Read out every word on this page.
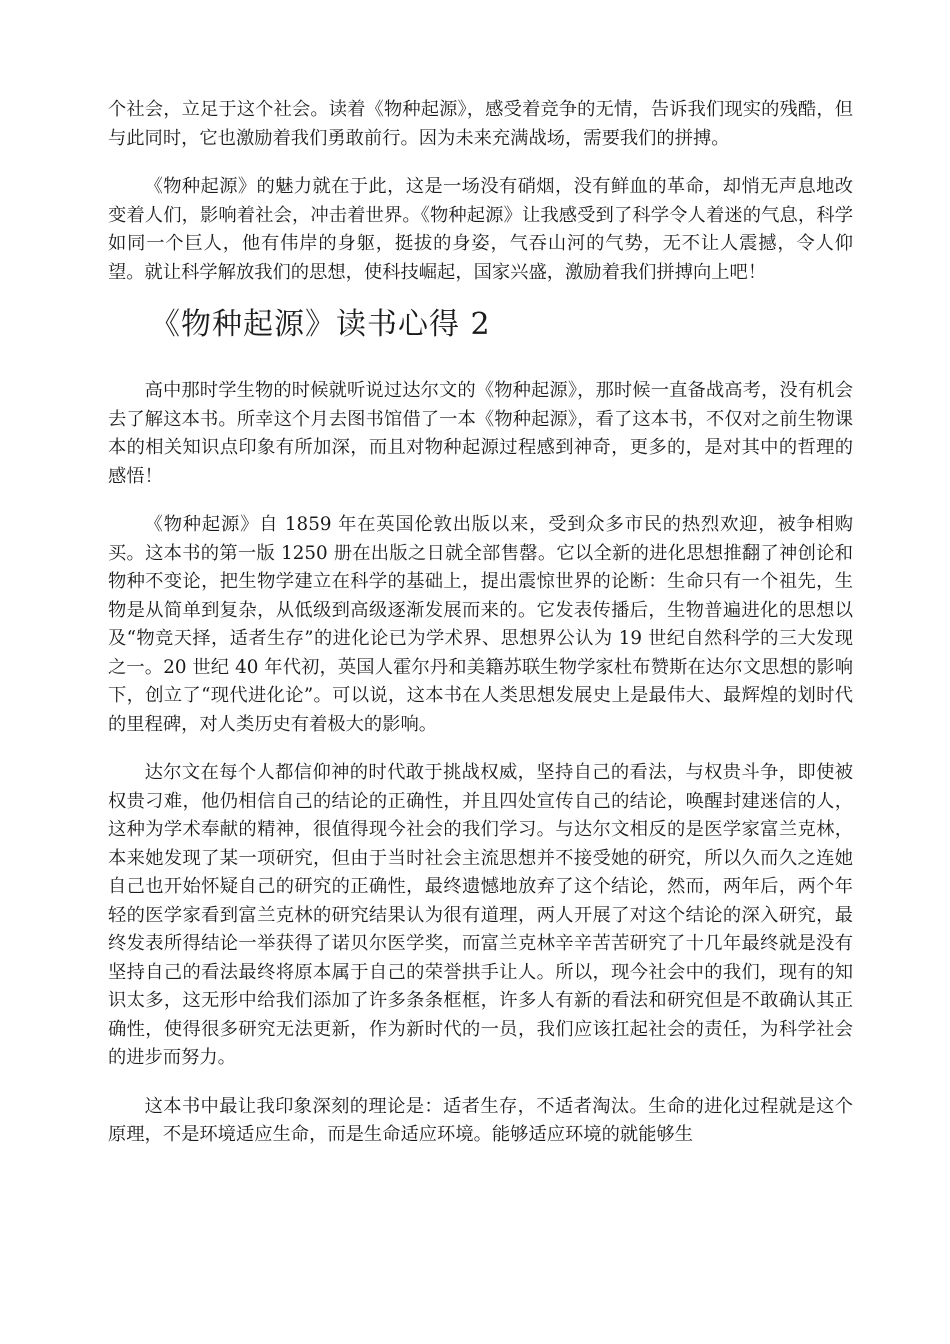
个社会，立足于这个社会。读着《物种起源》，感受着竞争的无情，告诉我们现实的残酷，但与此同时，它也激励着我们勇敢前行。因为未来充满战场，需要我们的拼搏。

《物种起源》的魅力就在于此，这是一场没有硝烟，没有鲜血的革命，却悄无声息地改变着人们，影响着社会，冲击着世界。《物种起源》让我感受到了科学令人着迷的气息，科学如同一个巨人，他有伟岸的身躯，挺拔的身姿，气吞山河的气势，无不让人震撼，令人仰望。就让科学解放我们的思想，使科技崛起，国家兴盛，激励着我们拼搏向上吧！

《物种起源》读书心得 2

高中那时学生物的时候就听说过达尔文的《物种起源》，那时候一直备战高考，没有机会去了解这本书。所幸这个月去图书馆借了一本《物种起源》，看了这本书，不仅对之前生物课本的相关知识点印象有所加深，而且对物种起源过程感到神奇，更多的，是对其中的哲理的感悟！

《物种起源》自 1859 年在英国伦敦出版以来，受到众多市民的热烈欢迎，被争相购买。这本书的第一版 1250 册在出版之日就全部售罄。它以全新的进化思想推翻了神创论和物种不变论，把生物学建立在科学的基础上，提出震惊世界的论断：生命只有一个祖先，生物是从简单到复杂，从低级到高级逐渐发展而来的。它发表传播后，生物普遍进化的思想以及“物竞天择，适者生存”的进化论已为学术界、思想界公认为 19 世纪自然科学的三大发现之一。20 世纪 40 年代初，英国人霍尔丹和美籍苏联生物学家杜布赞斯在达尔文思想的影响下，创立了“现代进化论”。可以说，这本书在人类思想发展史上是最伟大、最辉煌的划时代的里程碑，对人类历史有着极大的影响。

达尔文在每个人都信仰神的时代敢于挑战权威，坚持自己的看法，与权贵斗争，即使被权贵刁难，他仍相信自己的结论的正确性，并且四处宣传自己的结论，唤醒封建迷信的人，这种为学术奉献的精神，很值得现今社会的我们学习。与达尔文相反的是医学家富兰克林，本来她发现了某一项研究，但由于当时社会主流思想并不接受她的研究，所以久而久之连她自己也开始怀疑自己的研究的正确性，最终遗憾地放弃了这个结论，然而，两年后，两个年轻的医学家看到富兰克林的研究结果认为很有道理，两人开展了对这个结论的深入研究，最终发表所得结论一举获得了诺贝尔医学奖，而富兰克林辛辛苦苦研究了十几年最终就是没有坚持自己的看法最终将原本属于自己的荣誉拱手让人。所以，现今社会中的我们，现有的知识太多，这无形中给我们添加了许多条条框框，许多人有新的看法和研究但是不敢确认其正确性，使得很多研究无法更新，作为新时代的一员，我们应该扛起社会的责任，为科学社会的进步而努力。

这本书中最让我印象深刻的理论是：适者生存，不适者淘汰。生命的进化过程就是这个原理，不是环境适应生命，而是生命适应环境。能够适应环境的就能够生
